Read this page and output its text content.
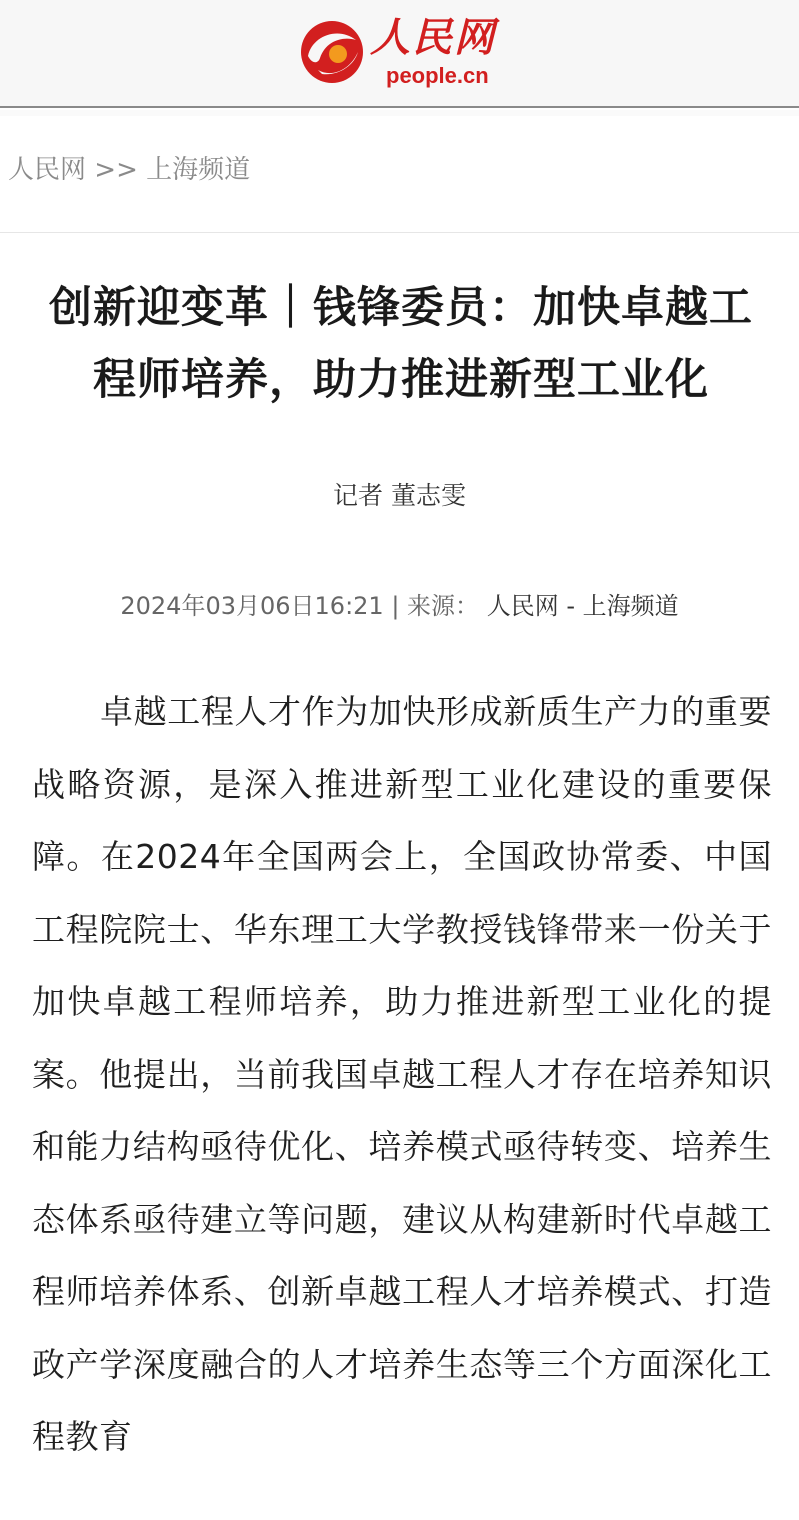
人民网
people.cn
人民网 >> 上海频道
创新迎变革｜钱锋委员：加快卓越工程师培养，助力推进新型工业化
记者 董志雯
2024年03月06日16:21 | 来源： 人民网 - 上海频道

卓越工程人才作为加快形成新质生产力的重要战略资源，是深入推进新型工业化建设的重要保障。在2024年全国两会上，全国政协常委、中国工程院院士、华东理工大学教授钱锋带来一份关于加快卓越工程师培养，助力推进新型工业化的提案。他提出，当前我国卓越工程人才存在培养知识和能力结构亟待优化、培养模式亟待转变、培养生态体系亟待建立等问题，建议从构建新时代卓越工程师培养体系、创新卓越工程人才培养模式、打造政产学深度融合的人才培养生态等三个方面深化工程教育
